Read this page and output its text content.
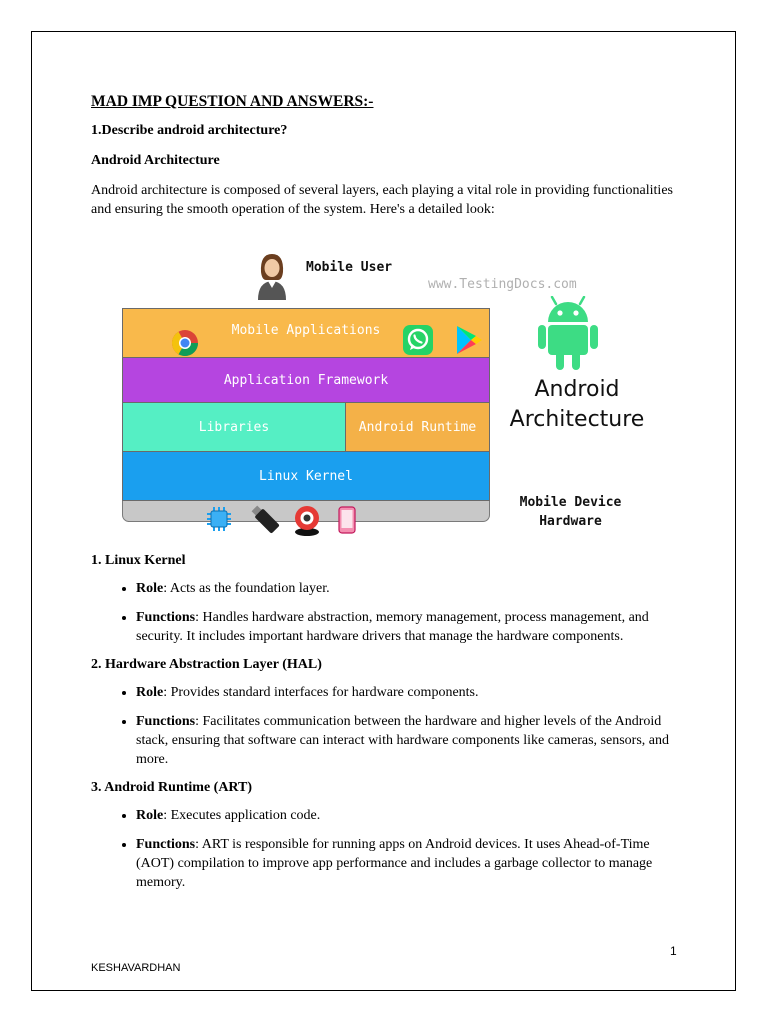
MAD IMP QUESTION AND ANSWERS:-
1.Describe android architecture?
Android Architecture
Android architecture is composed of several layers, each playing a vital role in providing functionalities and ensuring the smooth operation of the system. Here's a detailed look:
Mobile User
www.TestingDocs.com
Mobile Applications
Application Framework
Libraries	Android Runtime
Linux Kernel
Android
Architecture
Mobile Device
Hardware
1. Linux Kernel
• Role: Acts as the foundation layer.
• Functions: Handles hardware abstraction, memory management, process management, and security. It includes important hardware drivers that manage the hardware components.
2. Hardware Abstraction Layer (HAL)
• Role: Provides standard interfaces for hardware components.
• Functions: Facilitates communication between the hardware and higher levels of the Android stack, ensuring that software can interact with hardware components like cameras, sensors, and more.
3. Android Runtime (ART)
• Role: Executes application code.
• Functions: ART is responsible for running apps on Android devices. It uses Ahead-of-Time (AOT) compilation to improve app performance and includes a garbage collector to manage memory.
1
KESHAVARDHAN
